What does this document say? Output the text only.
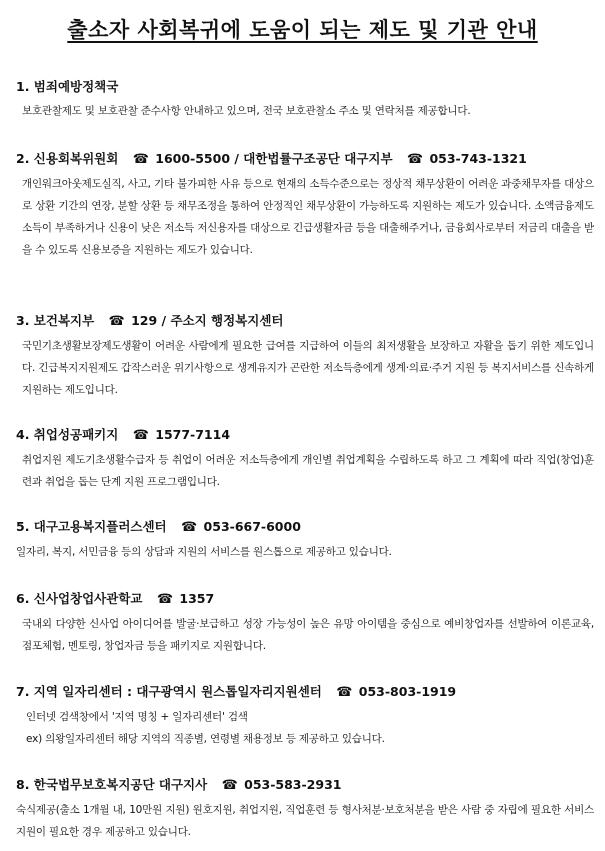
출소자 사회복귀에 도움이 되는 제도 및 기관 안내
1. 범죄예방정책국

보호관찰제도 및 보호관찰 준수사항 안내하고 있으며, 전국 보호관찰소 주소 및 연락처를 제공합니다.

2. 신용회복위원회 ☎ 1600-5500 / 대한법률구조공단 대구지부 ☎ 053-743-1321

개인워크아웃제도실직, 사고, 기타 불가피한 사유 등으로 현재의 소득수준으로는 정상적 채무상환이 어려운 과중채무자를 대상으로 상환 기간의 연장, 분할 상환 등 채무조정을 통하여 안정적인 채무상환이 가능하도록 지원하는 제도가 있습니다. 소액금융제도소득이 부족하거나 신용이 낮은 저소득 저신용자를 대상으로 긴급생활자금 등을 대출해주거나, 금융회사로부터 저금리 대출을 받을 수 있도록 신용보증을 지원하는 제도가 있습니다.

3. 보건복지부 ☎ 129 / 주소지 행정복지센터

국민기초생활보장제도생활이 어려운 사람에게 필요한 급여를 지급하여 이들의 최저생활을 보장하고 자활을 돕기 위한 제도입니다. 긴급복지지원제도 갑작스러운 위기사항으로 생계유지가 곤란한 저소득층에게 생계·의료·주거 지원 등 복지서비스를 신속하게 지원하는 제도입니다.

4. 취업성공패키지 ☎ 1577-7114

취업지원 제도기초생활수급자 등 취업이 어려운 저소득층에게 개인별 취업계획을 수립하도록 하고 그 계획에 따라 직업(창업)훈련과 취업을 돕는 단계 지원 프로그램입니다.

5. 대구고용복지플러스센터 ☎ 053-667-6000

일자리, 복지, 서민금융 등의 상담과 지원의 서비스를 원스톱으로 제공하고 있습니다.

6. 신사업창업사관학교 ☎ 1357

국내외 다양한 신사업 아이디어를 발굴·보급하고 성장 가능성이 높은 유망 아이템을 중심으로 예비창업자를 선발하여 이론교육, 점포체험, 멘토링, 창업자금 등을 패키지로 지원합니다.

7. 지역 일자리센터 : 대구광역시 원스톱일자리지원센터 ☎ 053-803-1919

인터넷 검색창에서 '지역 명칭 + 일자리센터' 검색

ex) 의왕일자리센터 해당 지역의 직종별, 연령별 채용정보 등 제공하고 있습니다.

8. 한국법무보호복지공단 대구지사 ☎ 053-583-2931

숙식제공(출소 1개월 내, 10만원 지원) 원호지원, 취업지원, 직업훈련 등 형사처분·보호처분을 받은 사람 중 자립에 필요한 서비스 지원이 필요한 경우 제공하고 있습니다.
